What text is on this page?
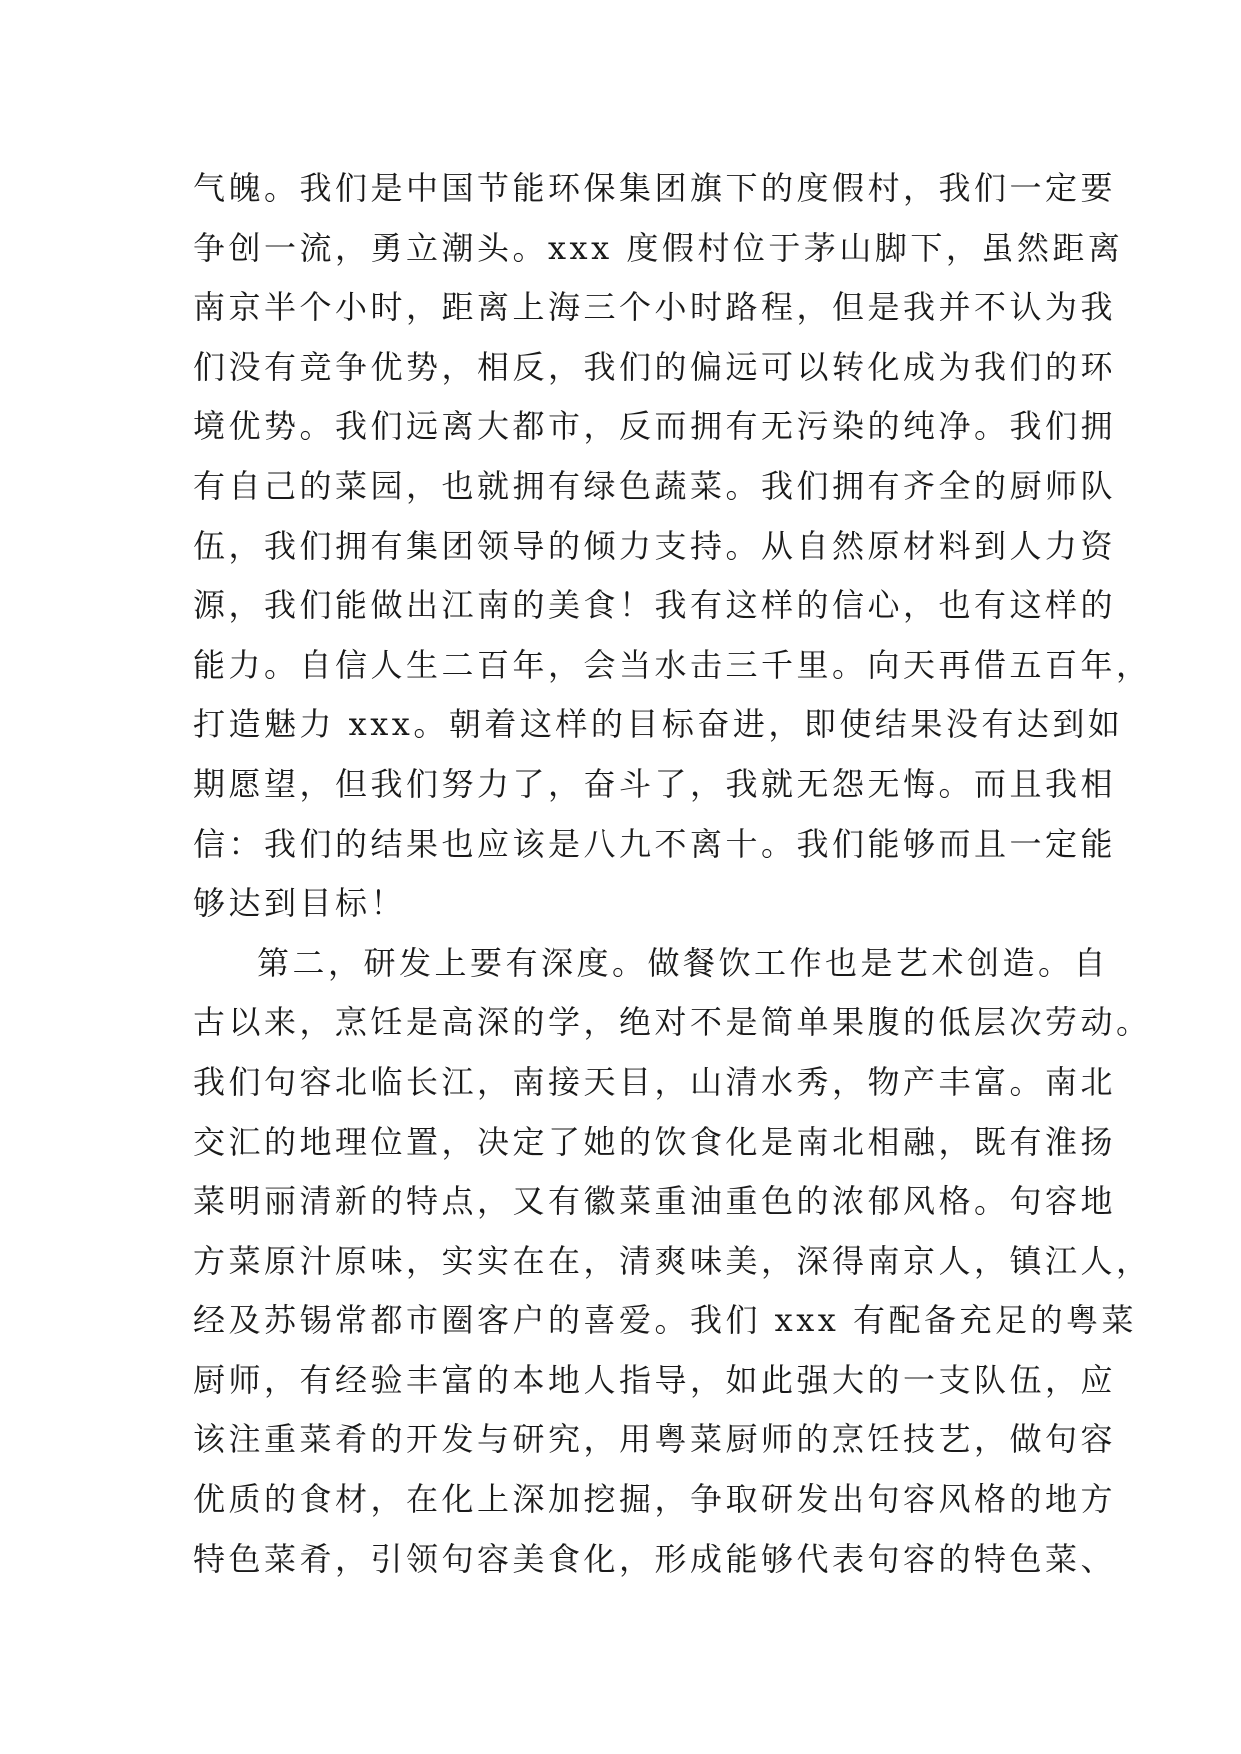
气魄。我们是中国节能环保集团旗下的度假村，我们一定要
争创一流，勇立潮头。xxx 度假村位于茅山脚下，虽然距离
南京半个小时，距离上海三个小时路程，但是我并不认为我
们没有竞争优势，相反，我们的偏远可以转化成为我们的环
境优势。我们远离大都市，反而拥有无污染的纯净。我们拥
有自己的菜园，也就拥有绿色蔬菜。我们拥有齐全的厨师队
伍，我们拥有集团领导的倾力支持。从自然原材料到人力资
源，我们能做出江南的美食！我有这样的信心，也有这样的
能力。自信人生二百年，会当水击三千里。向天再借五百年，
打造魅力 xxx。朝着这样的目标奋进，即使结果没有达到如
期愿望，但我们努力了，奋斗了，我就无怨无悔。而且我相
信：我们的结果也应该是八九不离十。我们能够而且一定能
够达到目标！
第二，研发上要有深度。做餐饮工作也是艺术创造。自
古以来，烹饪是高深的学，绝对不是简单果腹的低层次劳动。
我们句容北临长江，南接天目，山清水秀，物产丰富。南北
交汇的地理位置，决定了她的饮食化是南北相融，既有淮扬
菜明丽清新的特点，又有徽菜重油重色的浓郁风格。句容地
方菜原汁原味，实实在在，清爽味美，深得南京人，镇江人，
经及苏锡常都市圈客户的喜爱。我们 xxx 有配备充足的粤菜
厨师，有经验丰富的本地人指导，如此强大的一支队伍，应
该注重菜肴的开发与研究，用粤菜厨师的烹饪技艺，做句容
优质的食材，在化上深加挖掘，争取研发出句容风格的地方
特色菜肴，引领句容美食化，形成能够代表句容的特色菜、
